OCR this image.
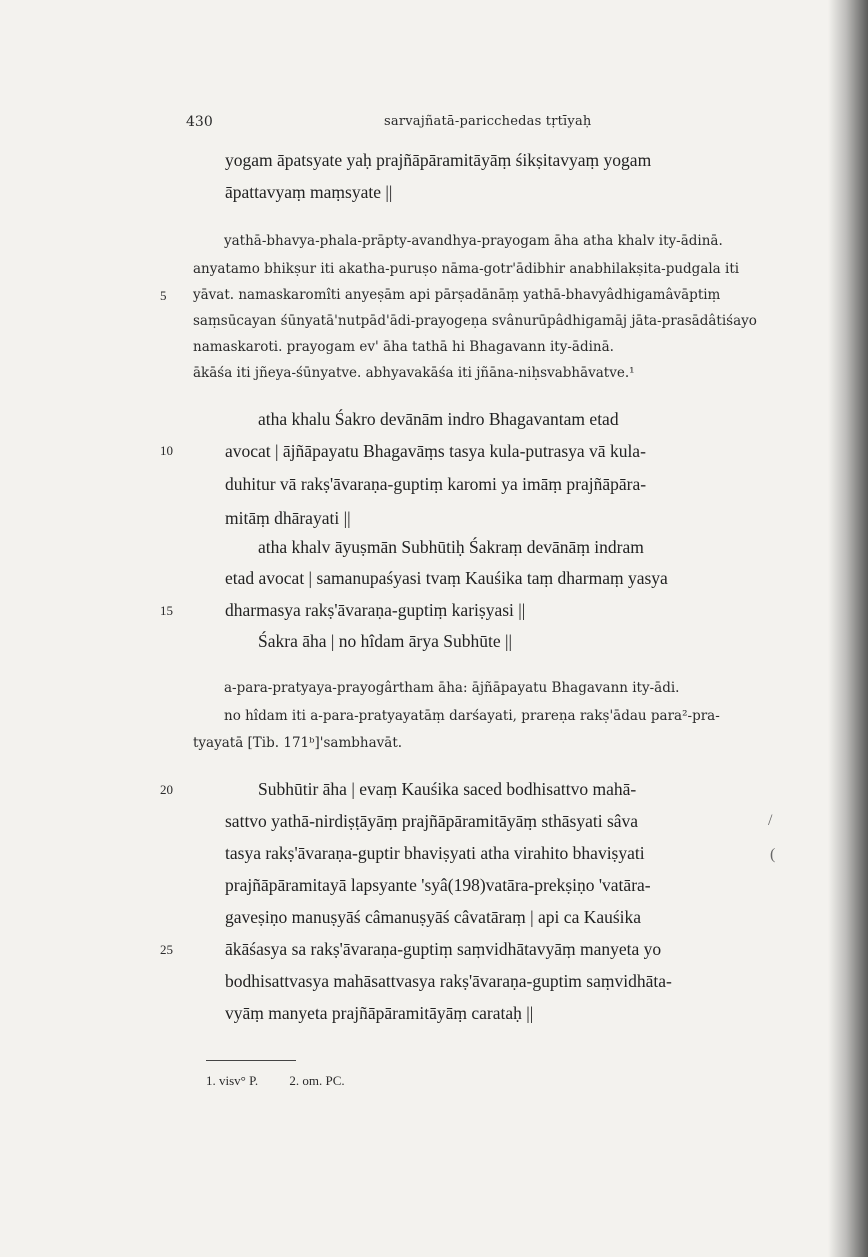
430	sarvajñatā-paricchedas tṛtīyaḥ
5
10
15
20
25
yogam āpatsyate yaḥ prajñāpāramitāyāṃ śikṣitavyaṃ yogam
āpattavyaṃ maṃsyate ||
yathā-bhavya-phala-prāpty-avandhya-prayogam āha atha khalv ity-ādinā.
anyatamo bhikṣur iti akatha-puruṣo nāma-gotr'ādibhir anabhilakṣita-pudgala iti
yāvat. namaskaromîti anyeṣām api pārṣadānāṃ yathā-bhavyâdhigamâvāptiṃ
saṃsūcayan śūnyatā'nutpād'ādi-prayogeṇa svânurūpâdhigamāj jāta-prasādâtiśayo
namaskaroti. prayogam ev' āha tathā hi Bhagavann ity-ādinā.
ākāśa iti jñeya-śūnyatve. abhyavakāśa iti jñāna-niḥsvabhāvatve.¹
atha khalu Śakro devānām indro Bhagavantam etad
avocat | ājñāpayatu Bhagavāṃs tasya kula-putrasya vā kula-
duhitur vā rakṣ'āvaraṇa-guptiṃ karomi ya imāṃ prajñāpāra-
mitāṃ dhārayati ||
atha khalv āyuṣmān Subhūtiḥ Śakraṃ devānāṃ indram
etad avocat | samanupaśyasi tvaṃ Kauśika taṃ dharmaṃ yasya
dharmasya rakṣ'āvaraṇa-guptiṃ kariṣyasi ||
Śakra āha | no hîdam ārya Subhūte ||
a-para-pratyaya-prayogârtham āha: ājñāpayatu Bhagavann ity-ādi.
no hîdam iti a-para-pratyayatāṃ darśayati, prareṇa rakṣ'ādau para²-pra-
tyayatā [Tib. 171ᵇ]'sambhavāt.
Subhūtir āha | evaṃ Kauśika saced bodhisattvo mahā-
sattvo yathā-nirdiṣṭāyāṃ prajñāpāramitāyāṃ sthāsyati sâva
tasya rakṣ'āvaraṇa-guptir bhaviṣyati atha virahito bhaviṣyati
prajñāpāramitayā lapsyante 'syâ(198)vatāra-prekṣiṇo 'vatāra-
gaveṣiṇo manuṣyāś câmanuṣyāś câvatāraṃ | api ca Kauśika
ākāśasya sa rakṣ'āvaraṇa-guptiṃ saṃvidhātavyāṃ manyeta yo
bodhisattvasya mahāsattvasya rakṣ'āvaraṇa-guptim saṃvidhāta-
vyāṃ manyeta prajñāpāramitāyāṃ carataḥ ||
/
(
1. visv° P. 2. om. PC.
